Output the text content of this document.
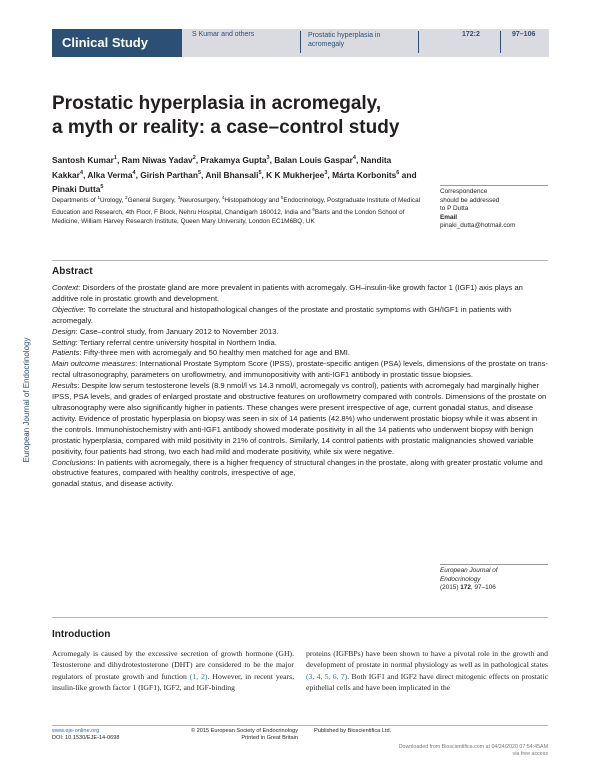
Clinical Study
S Kumar and others	Prostatic hyperplasia in acromegaly
172:2	97–106
European Journal of Endocrinology
Prostatic hyperplasia in acromegaly,
a myth or reality: a case–control study
Santosh Kumar$^1$, Ram Niwas Yadav$^2$, Prakamya Gupta$^3$, Balan Louis Gaspar$^4$, Nandita Kakkar$^4$, Alka Verma$^4$, Girish Parthan$^5$, Anil Bhansali$^5$, K K Mukherjee$^3$, Márta Korbonits$^6$ and Pinaki Dutta$^5$
Departments of $^1$Urology, $^2$General Surgery, $^3$Neurosurgery, $^4$Histopathology and $^5$Endocrinology, Postgraduate Institute of Medical Education and Research, 4th Floor, F Block, Nehru Hospital, Chandigarh 160012, India and $^6$Barts and the London School of Medicine, William Harvey Research Institute, Queen Mary University, London EC1M6BQ, UK
Correspondence
should be addressed
to P Dutta
Email
pinaki_dutta@hotmail.com
Abstract

Context: Disorders of the prostate gland are more prevalent in patients with acromegaly. GH–insulin-like growth factor 1 (IGF1) axis plays an additive role in prostatic growth and development.

Objective: To correlate the structural and histopathological changes of the prostate and prostatic symptoms with GH/IGF1 in patients with acromegaly.

Design: Case–control study, from January 2012 to November 2013.

Setting: Tertiary referral centre university hospital in Northern India.

Patients: Fifty-three men with acromegaly and 50 healthy men matched for age and BMI.

Main outcome measures: International Prostate Symptom Score (IPSS), prostate-specific antigen (PSA) levels, dimensions of the prostate on trans-rectal ultrasonography, parameters on uroflowmetry, and immunopositivity with anti-IGF1 antibody in prostatic tissue biopsies.

Results: Despite low serum testosterone levels (8.9 nmol/l vs 14.3 nmol/l, acromegaly vs control), patients with acromegaly had marginally higher IPSS, PSA levels, and grades of enlarged prostate and obstructive features on uroflowmetry compared with controls. Dimensions of the prostate on ultrasonography were also significantly higher in patients. These changes were present irrespective of age, current gonadal status, and disease activity. Evidence of prostatic hyperplasia on biopsy was seen in six of 14 patients (42.8%) who underwent prostatic biopsy while it was absent in the controls. Immunohistochemistry with anti-IGF1 antibody showed moderate positivity in all the 14 patients who underwent biopsy with benign prostatic hyperplasia, compared with mild positivity in 21% of controls. Similarly, 14 control patients with prostatic malignancies showed variable positivity, four patients had strong, two each had mild and moderate positivity, while six were negative.

Conclusions: In patients with acromegaly, there is a higher frequency of structural changes in the prostate, along with greater prostatic volume and obstructive features, compared with healthy controls, irrespective of age,
gonadal status, and disease activity.

European Journal of
Endocrinology
(2015) 172, 97–106
Introduction
Acromegaly is caused by the excessive secretion of growth hormone (GH). Testosterone and dihydrotestosterone (DHT) are considered to be the major regulators of prostate growth and function (1, 2). However, in recent years, insulin-like growth factor 1 (IGF1), IGF2, and IGF-binding
proteins (IGFBPs) have been shown to have a pivotal role in the growth and development of prostate in normal physiology as well as in pathological states (3, 4, 5, 6, 7). Both IGF1 and IGF2 have direct mitogenic effects on prostatic epithelial cells and have been implicated in the
www.eje-online.org
DOI: 10.1530/EJE-14-0698
© 2015 European Society of Endocrinology
Printed in Great Britain
Published by Bioscientifica Ltd.
Downloaded from Bioscientifica.com at 04/24/2020 07:54:45AM
via free access
